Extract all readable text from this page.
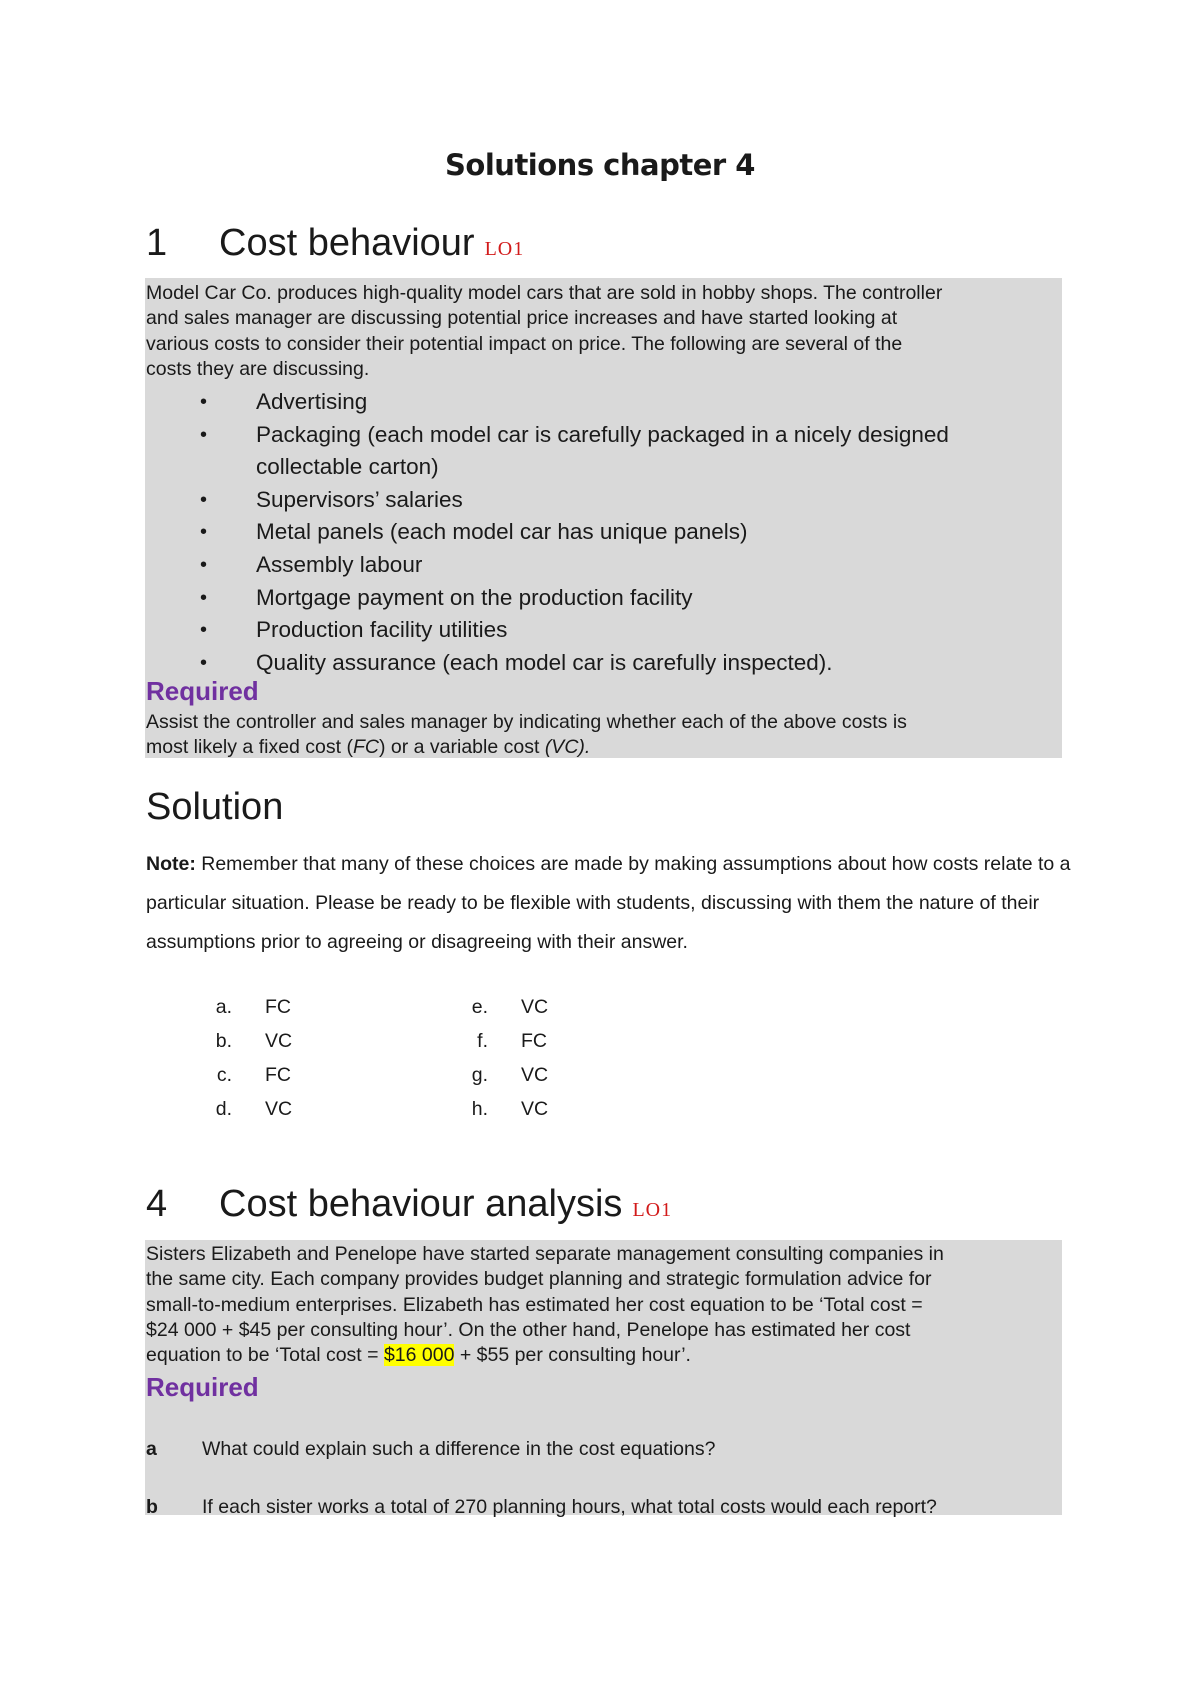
Solutions chapter 4
1 Cost behaviour LO1
Model Car Co. produces high-quality model cars that are sold in hobby shops. The controller
and sales manager are discussing potential price increases and have started looking at
various costs to consider their potential impact on price. The following are several of the
costs they are discussing.
• Advertising
• Packaging (each model car is carefully packaged in a nicely designed collectable carton)
• Supervisors’ salaries
• Metal panels (each model car has unique panels)
• Assembly labour
• Mortgage payment on the production facility
• Production facility utilities
• Quality assurance (each model car is carefully inspected).
Required
Assist the controller and sales manager by indicating whether each of the above costs is
most likely a fixed cost (FC) or a variable cost (VC).
Solution
Note: Remember that many of these choices are made by making assumptions about how costs relate to a particular situation. Please be ready to be flexible with students, discussing with them the nature of their assumptions prior to agreeing or disagreeing with their answer.
a. FC
b. VC
c. FC
d. VC
e. VC
f. FC
g. VC
h. VC
4 Cost behaviour analysis LO1
Sisters Elizabeth and Penelope have started separate management consulting companies in
the same city. Each company provides budget planning and strategic formulation advice for
small-to-medium enterprises. Elizabeth has estimated her cost equation to be ‘Total cost =
$24 000 + $45 per consulting hour’. On the other hand, Penelope has estimated her cost
equation to be ‘Total cost = $16 000 + $55 per consulting hour’.
Required
a What could explain such a difference in the cost equations?
b If each sister works a total of 270 planning hours, what total costs would each report?
